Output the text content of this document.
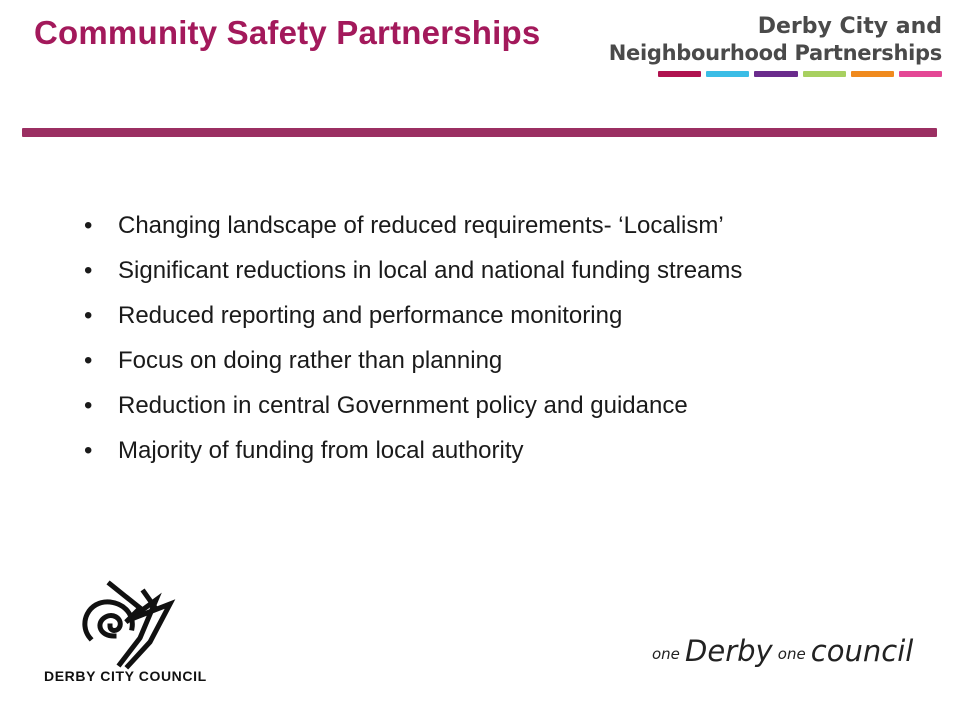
Community Safety Partnerships	Derby City and
Neighbourhood Partnerships
• Changing landscape of reduced requirements- ‘Localism’
• Significant reductions in local and national funding streams
• Reduced reporting and performance monitoring
• Focus on doing rather than planning
• Reduction in central Government policy and guidance
• Majority of funding from local authority
DERBY CITY COUNCIL
one Derby one council
